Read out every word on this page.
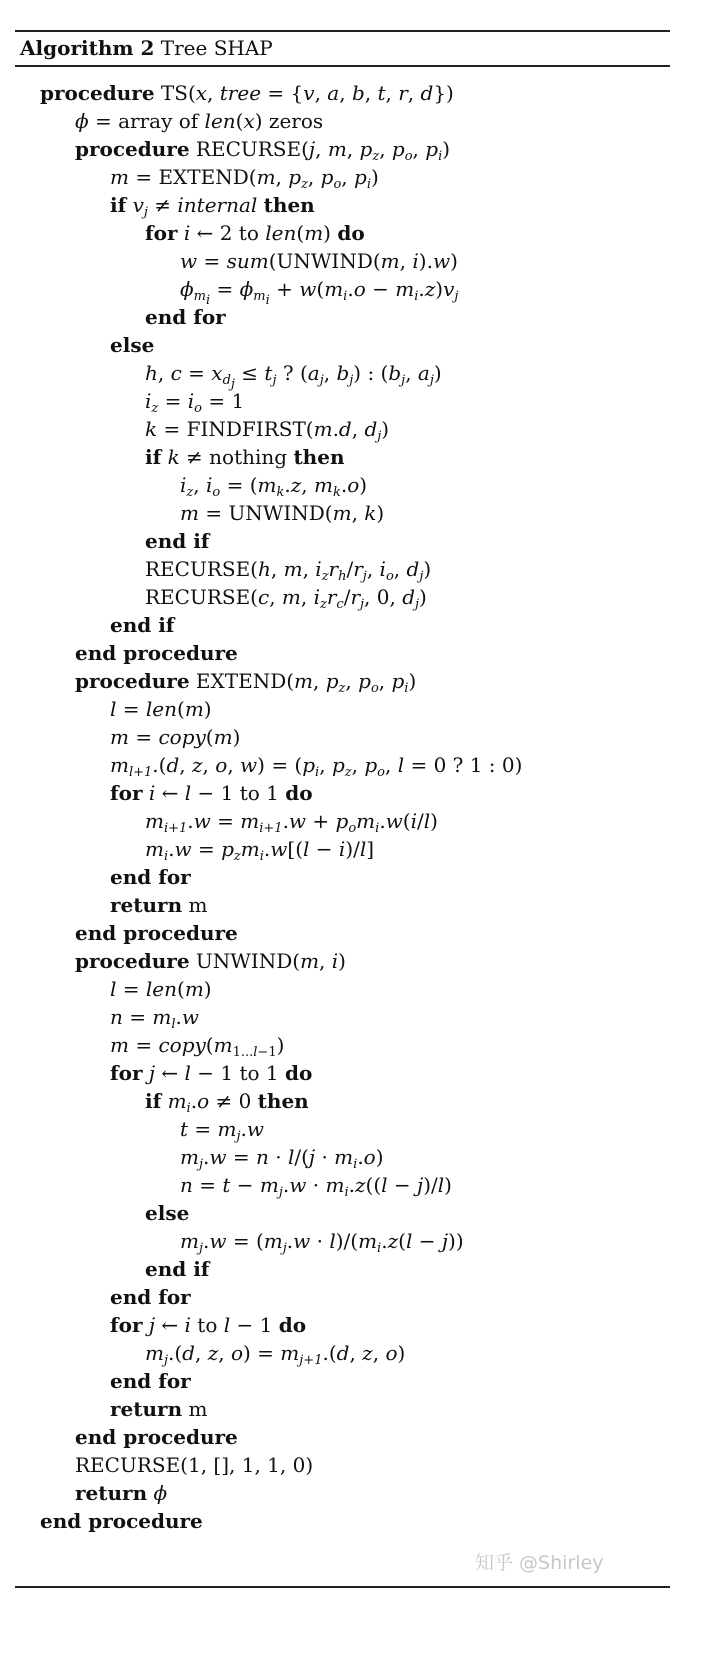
Algorithm 2 Tree SHAP
procedure TS(x, tree = {v, a, b, t, r, d})
ϕ = array of len(x) zeros
procedure RECURSE(j, m, $p_z$, $p_o$, $p_i$)
m = EXTEND(m, $p_z$, $p_o$, $p_i$)
if $v_j$ ≠ internal then
for i ← 2 to len(m) do
w = sum(UNWIND(m, i).w)
$\phi_{m_i} = \phi_{m_i} + w(m_i.o - m_i.z)v_j$
end for
else
h, $c = x_{d_j} \le t_j$ ? ($a_j$, $b_j$) : ($b_j$, $a_j$)
$i_z = i_o = 1$
k = FINDFIRST(m.d, $d_j$)
if k ≠ nothing then
$i_z$, $i_o = (m_k.z$, $m_k.o$)
m = UNWIND(m, k)
end if
RECURSE(h, m, $i_zr_h/r_j$, $i_o$, $d_j$)
RECURSE(c, m, $i_zr_c/r_j$, 0, $d_j$)
end if
end procedure
procedure EXTEND(m, $p_z$, $p_o$, $p_i$)
l = len(m)
m = copy(m)
$m_{l+1}.(d$, z, o, $w) = (p_i$, $p_z$, $p_o$, l = 0 ? 1 : 0)
for i ← l − 1 to 1 do
$m_{i+1}.w = m_{i+1}.w + p_om_i.w(i/l)$
$m_i.w = p_zm_i.w[(l - i)/l]$
end for
return m
end procedure
procedure UNWIND(m, i)
l = len(m)
$n = m_l.w$
$m = copy(m_{1...l-1})$
for j ← l − 1 to 1 do
if $m_i.o \ne 0$ then
$t = m_j.w$
$m_j.w = n \cdot l/(j \cdot m_i.o)$
$n = t - m_j.w \cdot m_i.z((l - j)/l)$
else
$m_j.w = (m_j.w \cdot l)/(m_i.z(l - j))$
end if
end for
for j ← i to l − 1 do
$m_j.(d$, z, $o) = m_{j+1}.(d$, z, o)
end for
return m
end procedure
RECURSE(1, [], 1, 1, 0)
return ϕ
end procedure
知乎 @Shirley
